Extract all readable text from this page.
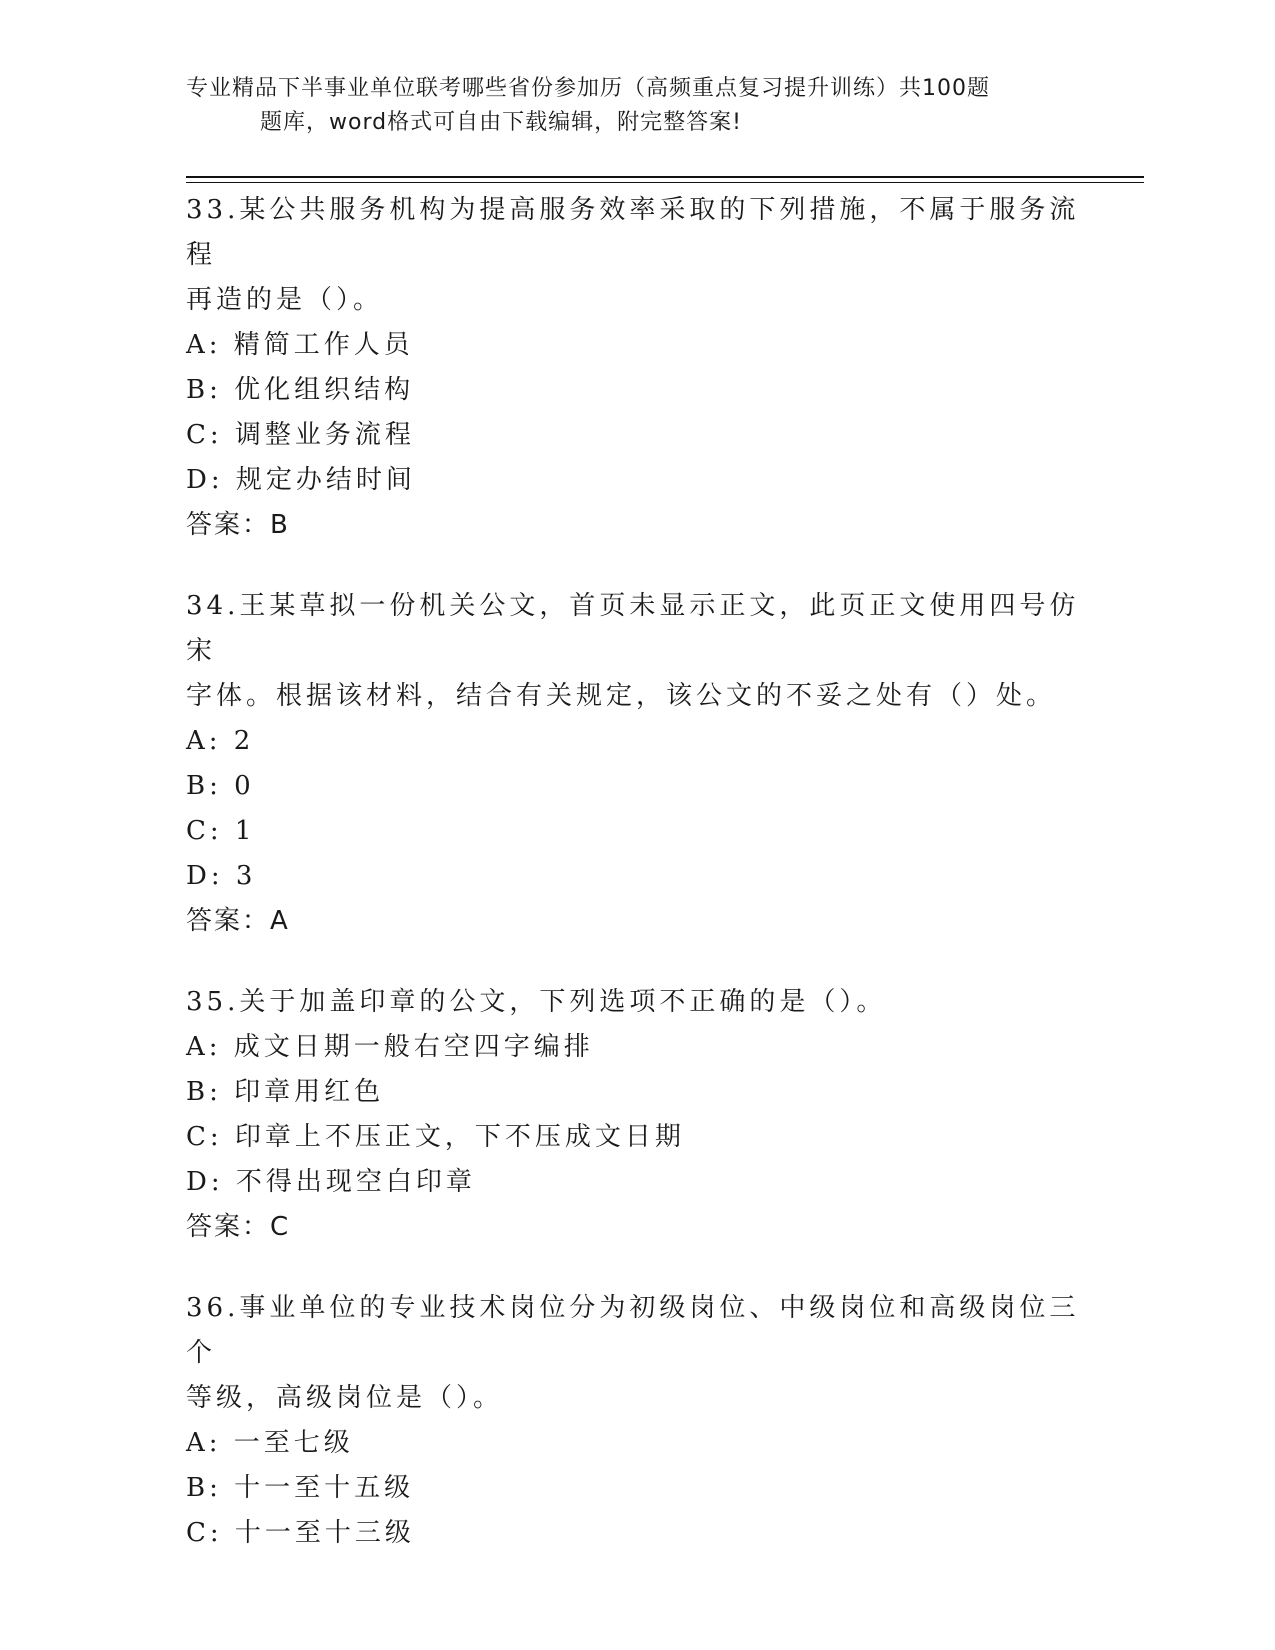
专业精品下半事业单位联考哪些省份参加历（高频重点复习提升训练）共100题
题库，word格式可自由下载编辑，附完整答案!
33.某公共服务机构为提高服务效率采取的下列措施，不属于服务流程
再造的是（）。
A: 精简工作人员
B: 优化组织结构
C: 调整业务流程
D: 规定办结时间
答案：B
34.王某草拟一份机关公文，首页未显示正文，此页正文使用四号仿宋
字体。根据该材料，结合有关规定，该公文的不妥之处有（）处。
A: 2
B: 0
C: 1
D: 3
答案：A
35.关于加盖印章的公文，下列选项不正确的是（）。
A: 成文日期一般右空四字编排
B: 印章用红色
C: 印章上不压正文，下不压成文日期
D: 不得出现空白印章
答案：C
36.事业单位的专业技术岗位分为初级岗位、中级岗位和高级岗位三个
等级，高级岗位是（）。
A: 一至七级
B: 十一至十五级
C: 十一至十三级
